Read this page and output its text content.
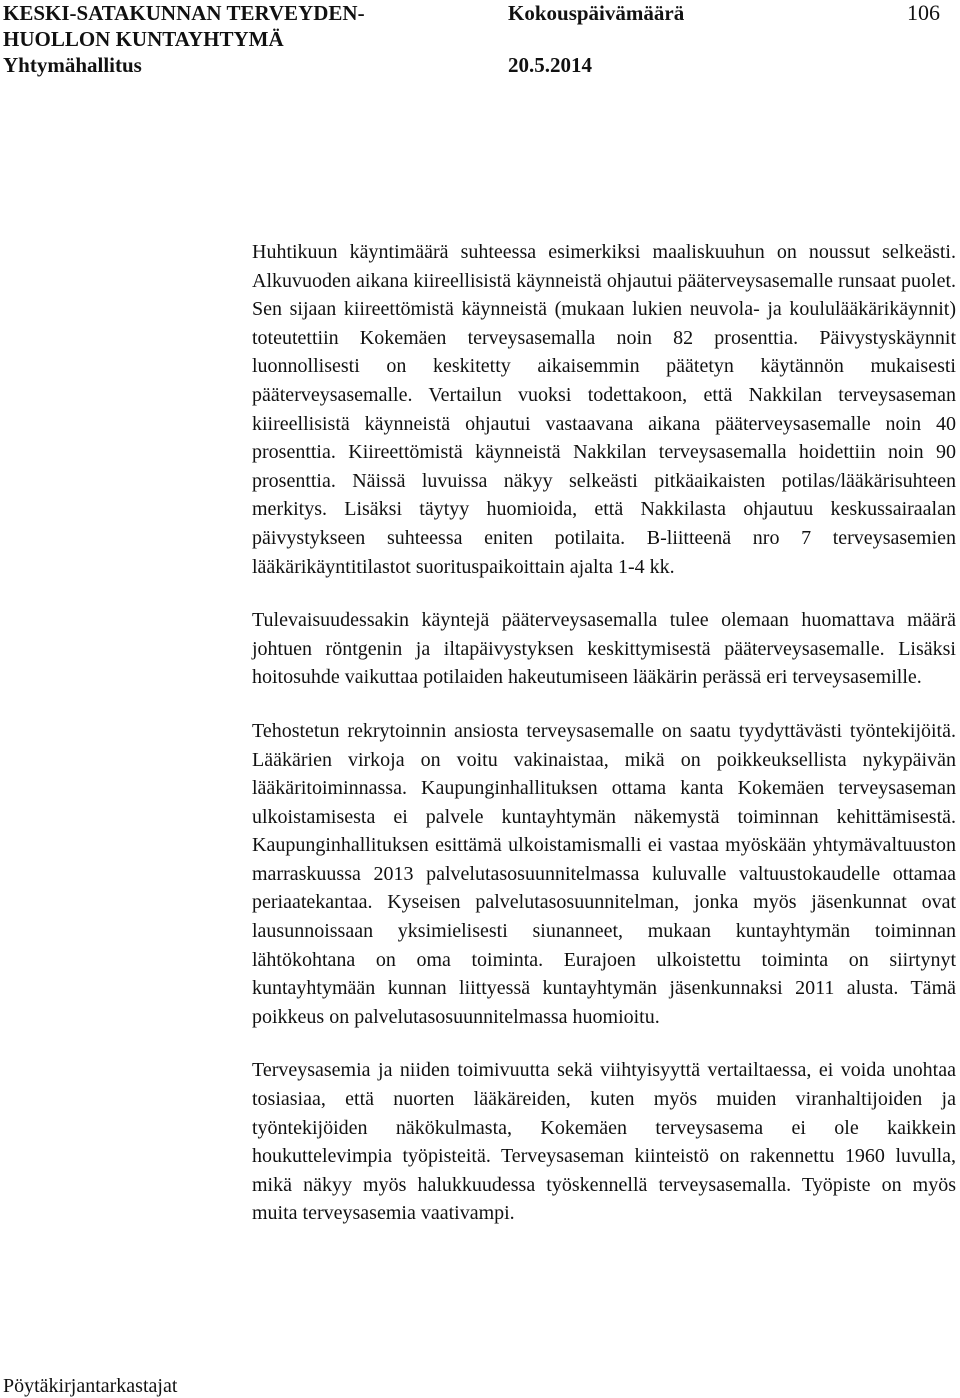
KESKI-SATAKUNNAN TERVEYDEN-
HUOLLON KUNTAYHTYMÄ
Yhtymähallitus
Kokouspäivämäärä
20.5.2014
106

Huhtikuun käyntimäärä suhteessa esimerkiksi maaliskuuhun on noussut selkeästi. Alkuvuoden aikana kiireellisistä käynneistä ohjautui pääterveysasemalle runsaat puolet. Sen sijaan kiireettömistä käynneistä (mukaan lukien neuvola- ja koululääkärikäynnit) toteutettiin Kokemäen terveysasemalla noin 82 prosenttia. Päivystyskäynnit luonnollisesti on keskitetty aikaisemmin päätetyn käytännön mukaisesti pääterveysasemalle. Vertailun vuoksi todettakoon, että Nakkilan terveysaseman kiireellisistä käynneistä ohjautui vastaavana aikana pääterveysasemalle noin 40 prosenttia. Kiireettömistä käynneistä Nakkilan terveysasemalla hoidettiin noin 90 prosenttia. Näissä luvuissa näkyy selkeästi pitkäaikaisten potilas/lääkärisuhteen merkitys. Lisäksi täytyy huomioida, että Nakkilasta ohjautuu keskussairaalan päivystykseen suhteessa eniten potilaita. B-liitteenä nro 7 terveysasemien lääkärikäyntitilastot suorituspaikoittain ajalta 1-4 kk.

Tulevaisuudessakin käyntejä pääterveysasemalla tulee olemaan huomattava määrä johtuen röntgenin ja iltapäivystyksen keskittymisestä pääterveysasemalle. Lisäksi hoitosuhde vaikuttaa potilaiden hakeutumiseen lääkärin perässä eri terveysasemille.

Tehostetun rekrytoinnin ansiosta terveysasemalle on saatu tyydyttävästi työntekijöitä. Lääkärien virkoja on voitu vakinaistaa, mikä on poikkeuksellista nykypäivän lääkäritoiminnassa. Kaupunginhallituksen ottama kanta Kokemäen terveysaseman ulkoistamisesta ei palvele kuntayhtymän näkemystä toiminnan kehittämisestä. Kaupunginhallituksen esittämä ulkoistamismalli ei vastaa myöskään yhtymävaltuuston marraskuussa 2013 palvelutasosuunnitelmassa kuluvalle valtuustokaudelle ottamaa periaatekantaa. Kyseisen palvelutasosuunnitelman, jonka myös jäsenkunnat ovat lausunnoissaan yksimielisesti siunanneet, mukaan kuntayhtymän toiminnan lähtökohtana on oma toiminta. Eurajoen ulkoistettu toiminta on siirtynyt kuntayhtymään kunnan liittyessä kuntayhtymän jäsenkunnaksi 2011 alusta. Tämä poikkeus on palvelutasosuunnitelmassa huomioitu.

Terveysasemia ja niiden toimivuutta sekä viihtyisyyttä vertailtaessa, ei voida unohtaa tosiasiaa, että nuorten lääkäreiden, kuten myös muiden viranhaltijoiden ja työntekijöiden näkökulmasta, Kokemäen terveysasema ei ole kaikkein houkuttelevimpia työpisteitä. Terveysaseman kiinteistö on rakennettu 1960 luvulla, mikä näkyy myös halukkuudessa työskennellä terveysasemalla. Työpiste on myös muita terveysasemia vaativampi.

Pöytäkirjantarkastajat
